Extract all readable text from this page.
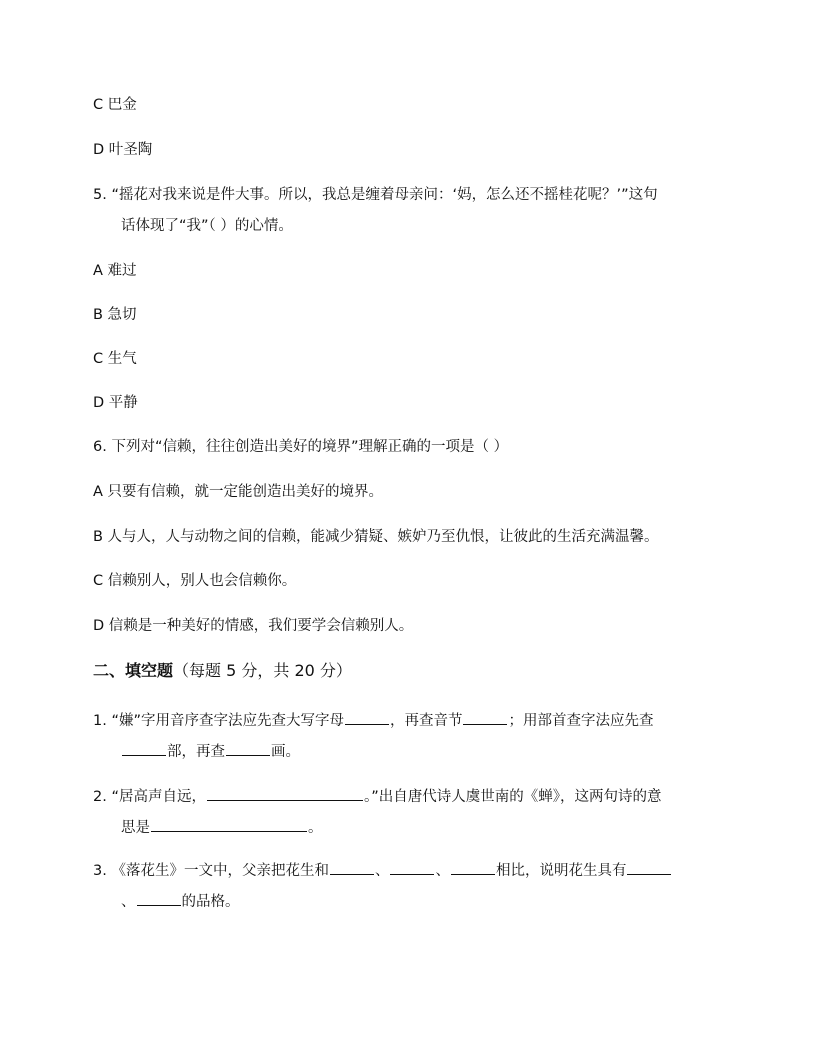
C 巴金
D 叶圣陶
5. “摇花对我来说是件大事。所以，我总是缠着母亲问：‘妈，怎么还不摇桂花呢？’”这句
话体现了“我”（ ）的心情。
A 难过
B 急切
C 生气
D 平静
6. 下列对“信赖，往往创造出美好的境界”理解正确的一项是（ ）
A 只要有信赖，就一定能创造出美好的境界。
B 人与人，人与动物之间的信赖，能减少猜疑、嫉妒乃至仇恨，让彼此的生活充满温馨。
C 信赖别人，别人也会信赖你。
D 信赖是一种美好的情感，我们要学会信赖别人。
二、填空题（每题 5 分，共 20 分）
1. “嫌”字用音序查字法应先查大写字母	，再查音节	；用部首查字法应先查
部，再查	画。
2. “居高声自远，	。”出自唐代诗人虞世南的《蝉》，这两句诗的意
思是	。
3. 《落花生》一文中，父亲把花生和	、	、	相比，说明花生具有
、	的品格。
